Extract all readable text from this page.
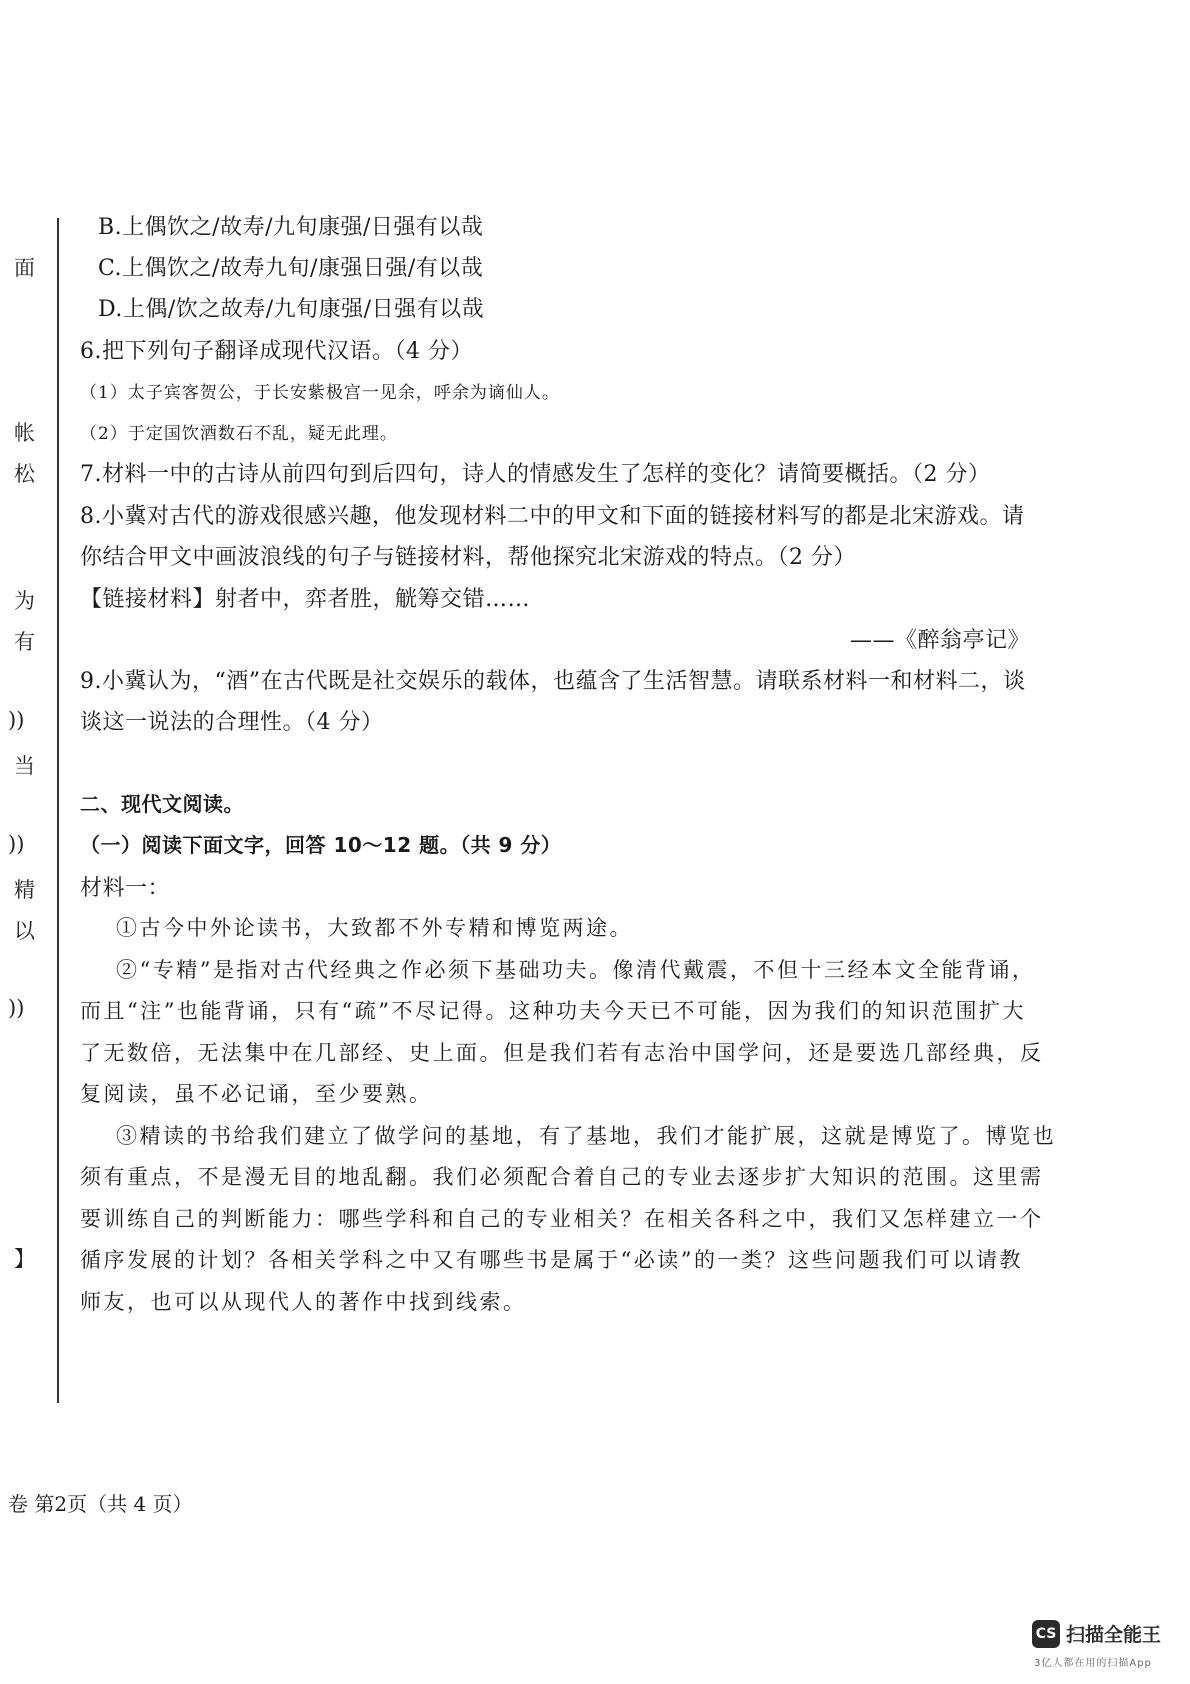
面
帐
松
为
有
))
当
))
精
以
))
】
B.上偶饮之/故寿/九旬康强/日强有以哉
C.上偶饮之/故寿九旬/康强日强/有以哉
D.上偶/饮之故寿/九旬康强/日强有以哉
6.把下列句子翻译成现代汉语。（4 分）
（1）太子宾客贺公，于长安紫极宫一见余，呼余为谪仙人。
（2）于定国饮酒数石不乱，疑无此理。
7.材料一中的古诗从前四句到后四句，诗人的情感发生了怎样的变化？请简要概括。（2 分）
8.小冀对古代的游戏很感兴趣，他发现材料二中的甲文和下面的链接材料写的都是北宋游戏。请
你结合甲文中画波浪线的句子与链接材料，帮他探究北宋游戏的特点。（2 分）
【链接材料】射者中，弈者胜，觥筹交错……
——《醉翁亭记》
9.小冀认为，“酒”在古代既是社交娱乐的载体，也蕴含了生活智慧。请联系材料一和材料二，谈
谈这一说法的合理性。（4 分）
二、现代文阅读。
（一）阅读下面文字，回答 10～12 题。（共 9 分）
材料一：
①古今中外论读书，大致都不外专精和博览两途。
②“专精”是指对古代经典之作必须下基础功夫。像清代戴震，不但十三经本文全能背诵，
而且“注”也能背诵，只有“疏”不尽记得。这种功夫今天已不可能，因为我们的知识范围扩大
了无数倍，无法集中在几部经、史上面。但是我们若有志治中国学问，还是要选几部经典，反
复阅读，虽不必记诵，至少要熟。
③精读的书给我们建立了做学问的基地，有了基地，我们才能扩展，这就是博览了。博览也
须有重点，不是漫无目的地乱翻。我们必须配合着自己的专业去逐步扩大知识的范围。这里需
要训练自己的判断能力：哪些学科和自己的专业相关？在相关各科之中，我们又怎样建立一个
循序发展的计划？各相关学科之中又有哪些书是属于“必读”的一类？这些问题我们可以请教
师友，也可以从现代人的著作中找到线索。
卷 第2页（共 4 页）
CS 扫描全能王
3亿人都在用的扫描App
